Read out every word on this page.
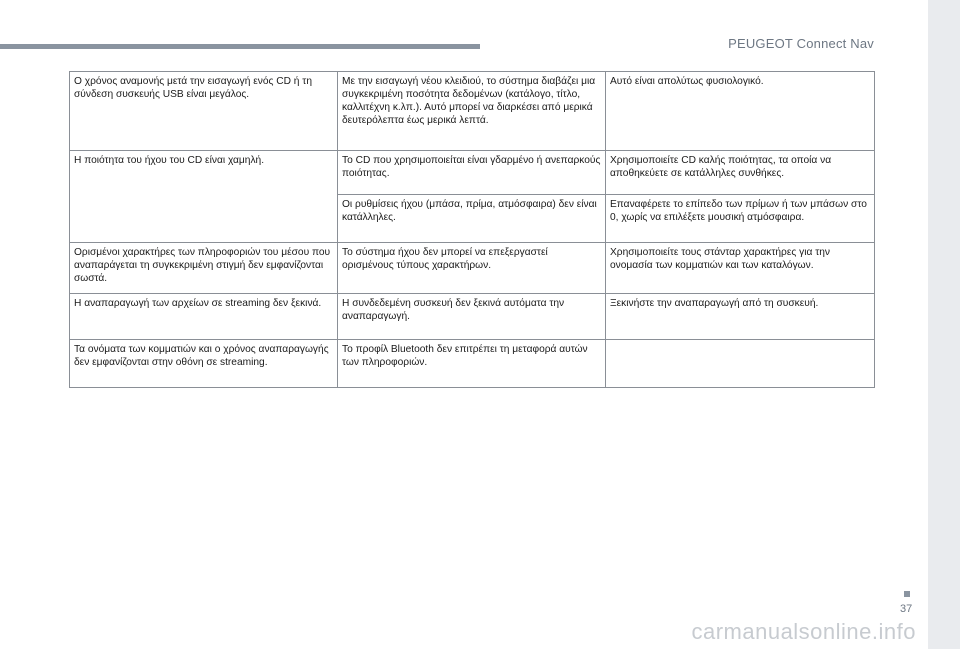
PEUGEOT Connect Nav
Ο χρόνος αναμονής μετά την εισαγωγή ενός CD ή τη σύνδεση συσκευής USB είναι μεγάλος.	Με την εισαγωγή νέου κλειδιού, το σύστημα διαβάζει μια συγκεκριμένη ποσότητα δεδομένων (κατάλογο, τίτλο, καλλιτέχνη κ.λπ.). Αυτό μπορεί να διαρκέσει από μερικά δευτερόλεπτα έως μερικά λεπτά.	Αυτό είναι απολύτως φυσιολογικό.
Η ποιότητα του ήχου του CD είναι χαμηλή.	Το CD που χρησιμοποιείται είναι γδαρμένο ή ανεπαρκούς ποιότητας.	Χρησιμοποιείτε CD καλής ποιότητας, τα οποία να αποθηκεύετε σε κατάλληλες συνθήκες.
	Οι ρυθμίσεις ήχου (μπάσα, πρίμα, ατμόσφαιρα) δεν είναι κατάλληλες.	Επαναφέρετε το επίπεδο των πρίμων ή των μπάσων στο 0, χωρίς να επιλέξετε μουσική ατμόσφαιρα.
Ορισμένοι χαρακτήρες των πληροφοριών του μέσου που αναπαράγεται τη συγκεκριμένη στιγμή δεν εμφανίζονται σωστά.	Το σύστημα ήχου δεν μπορεί να επεξεργαστεί ορισμένους τύπους χαρακτήρων.	Χρησιμοποιείτε τους στάνταρ χαρακτήρες για την ονομασία των κομματιών και των καταλόγων.
Η αναπαραγωγή των αρχείων σε streaming δεν ξεκινά.	Η συνδεδεμένη συσκευή δεν ξεκινά αυτόματα την αναπαραγωγή.	Ξεκινήστε την αναπαραγωγή από τη συσκευή.
Τα ονόματα των κομματιών και ο χρόνος αναπαραγωγής δεν εμφανίζονται στην οθόνη σε streaming.	Το προφίλ Bluetooth δεν επιτρέπει τη μεταφορά αυτών των πληροφοριών.	
37
carmanualsonline.info
